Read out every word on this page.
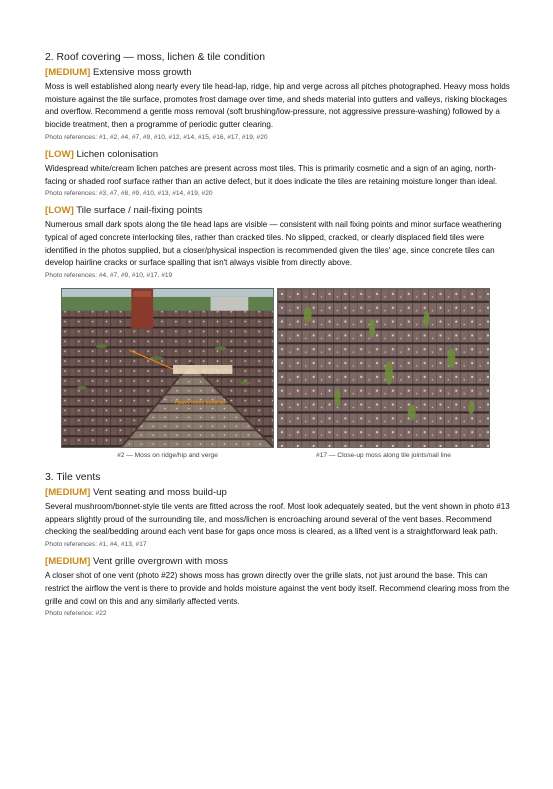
2. Roof covering — moss, lichen & tile condition
[MEDIUM] Extensive moss growth

Moss is well established along nearly every tile head-lap, ridge, hip and verge across all pitches photographed. Heavy moss holds moisture against the tile surface, promotes frost damage over time, and sheds material into gutters and valleys, risking blockages and overflow. Recommend a gentle moss removal (soft brushing/low-pressure, not aggressive pressure-washing) followed by a biocide treatment, then a programme of periodic gutter clearing.

Photo references: #1, #2, #4, #7, #9, #10, #12, #14, #15, #16, #17, #19, #20
[LOW] Lichen colonisation

Widespread white/cream lichen patches are present across most tiles. This is primarily cosmetic and a sign of an aging, north-facing or shaded roof surface rather than an active defect, but it does indicate the tiles are retaining moisture longer than ideal.

Photo references: #3, #7, #8, #9, #10, #13, #14, #19, #20
[LOW] Tile surface / nail-fixing points

Numerous small dark spots along the tile head laps are visible — consistent with nail fixing points and minor surface weathering typical of aged concrete interlocking tiles, rather than cracked tiles. No slipped, cracked, or clearly displaced field tiles were identified in the photos supplied, but a closer/physical inspection is recommended given the tiles' age, since concrete tiles can develop hairline cracks or surface spalling that isn't always visible from directly above.

Photo references: #4, #7, #9, #10, #17, #19
#2 — Moss on ridge/hip and verge	#17 — Close-up moss along tile joints/nail line
3. Tile vents
[MEDIUM] Vent seating and moss build-up

Several mushroom/bonnet-style tile vents are fitted across the roof. Most look adequately seated, but the vent shown in photo #13 appears slightly proud of the surrounding tile, and moss/lichen is encroaching around several of the vent bases. Recommend checking the seal/bedding around each vent base for gaps once moss is cleared, as a lifted vent is a straightforward leak path.

Photo references: #1, #4, #13, #17
[MEDIUM] Vent grille overgrown with moss

A closer shot of one vent (photo #22) shows moss has grown directly over the grille slats, not just around the base. This can restrict the airflow the vent is there to provide and holds moisture against the vent body itself. Recommend clearing moss from the grille and cowl on this and any similarly affected vents.

Photo reference: #22
Heavy moss build-up
